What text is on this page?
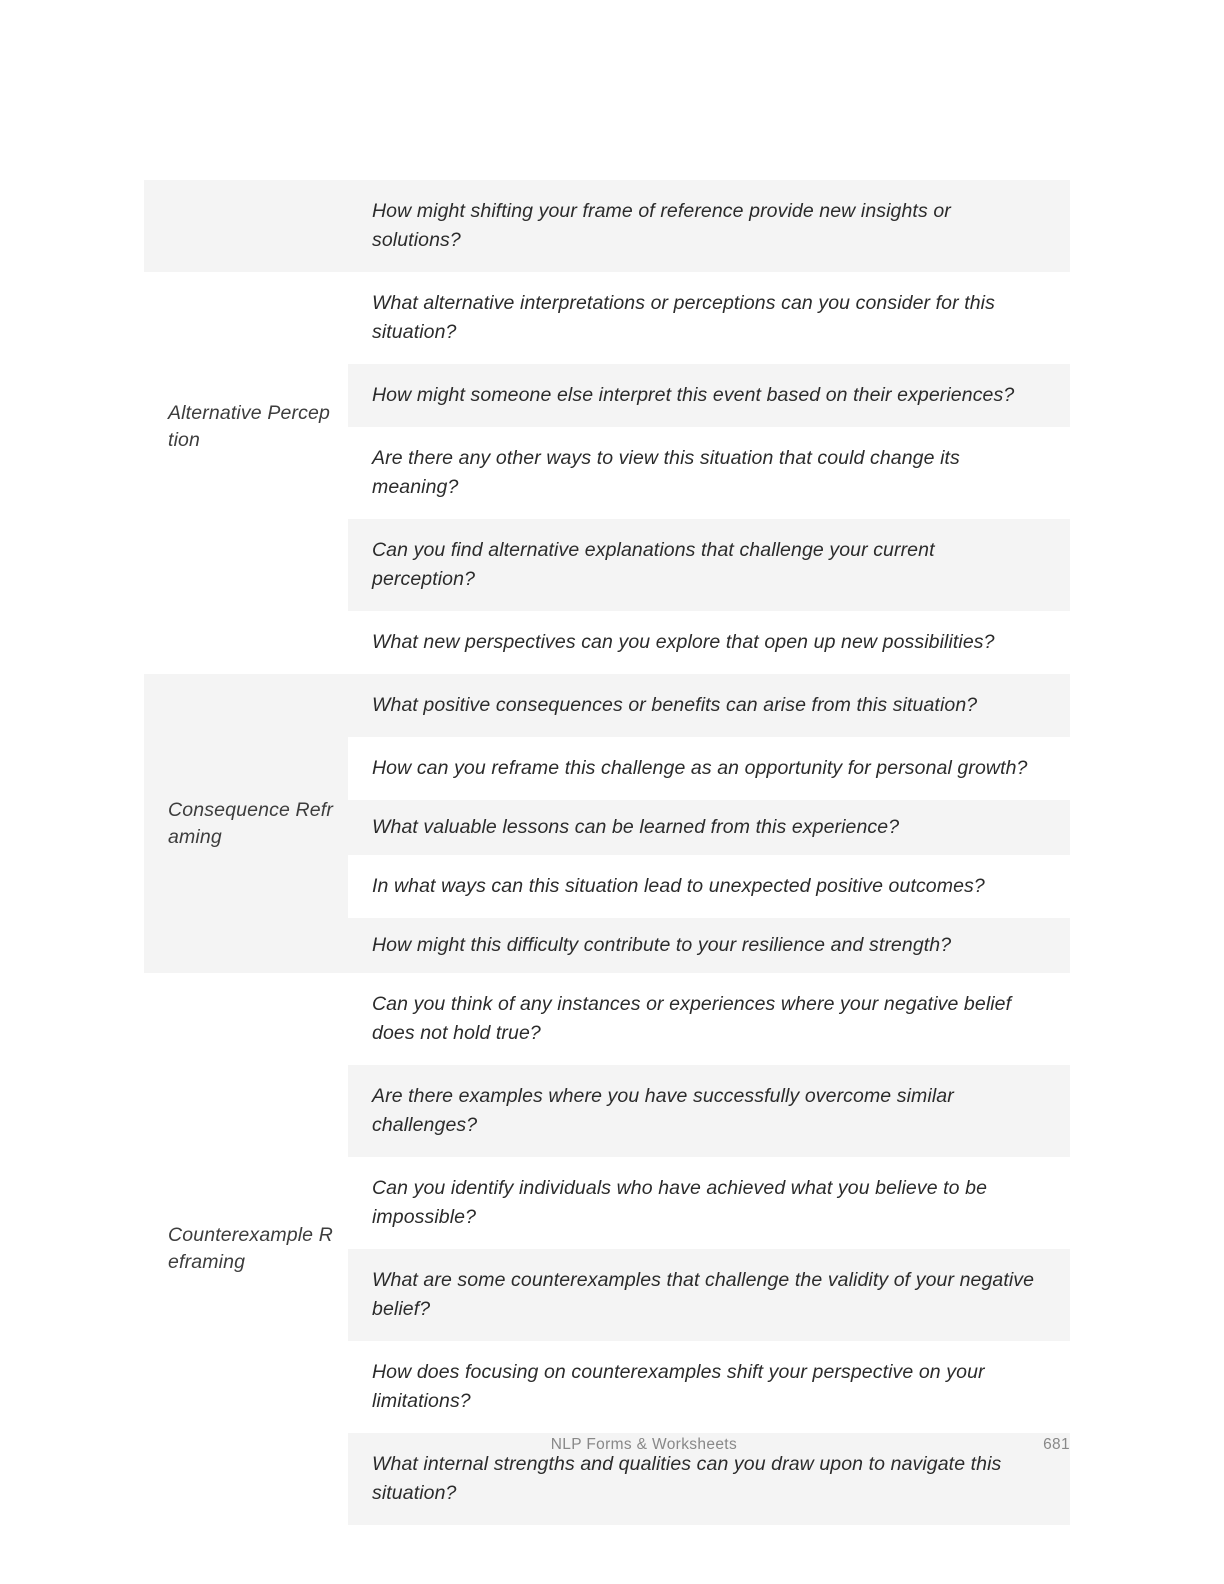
Alternative Perception	How might shifting your frame of reference provide new insights or solutions?
	What alternative interpretations or perceptions can you consider for this situation?
	How might someone else interpret this event based on their experiences?
	Are there any other ways to view this situation that could change its meaning?
	Can you find alternative explanations that challenge your current perception?
	What new perspectives can you explore that open up new possibilities?
Consequence Reframing	What positive consequences or benefits can arise from this situation?
	How can you reframe this challenge as an opportunity for personal growth?
	What valuable lessons can be learned from this experience?
	In what ways can this situation lead to unexpected positive outcomes?
	How might this difficulty contribute to your resilience and strength?
Counterexample Reframing	Can you think of any instances or experiences where your negative belief does not hold true?
	Are there examples where you have successfully overcome similar challenges?
	Can you identify individuals who have achieved what you believe to be impossible?
	What are some counterexamples that challenge the validity of your negative belief?
	How does focusing on counterexamples shift your perspective on your limitations?
	What internal strengths and qualities can you draw upon to navigate this situation?
NLP Forms & Worksheets	681
